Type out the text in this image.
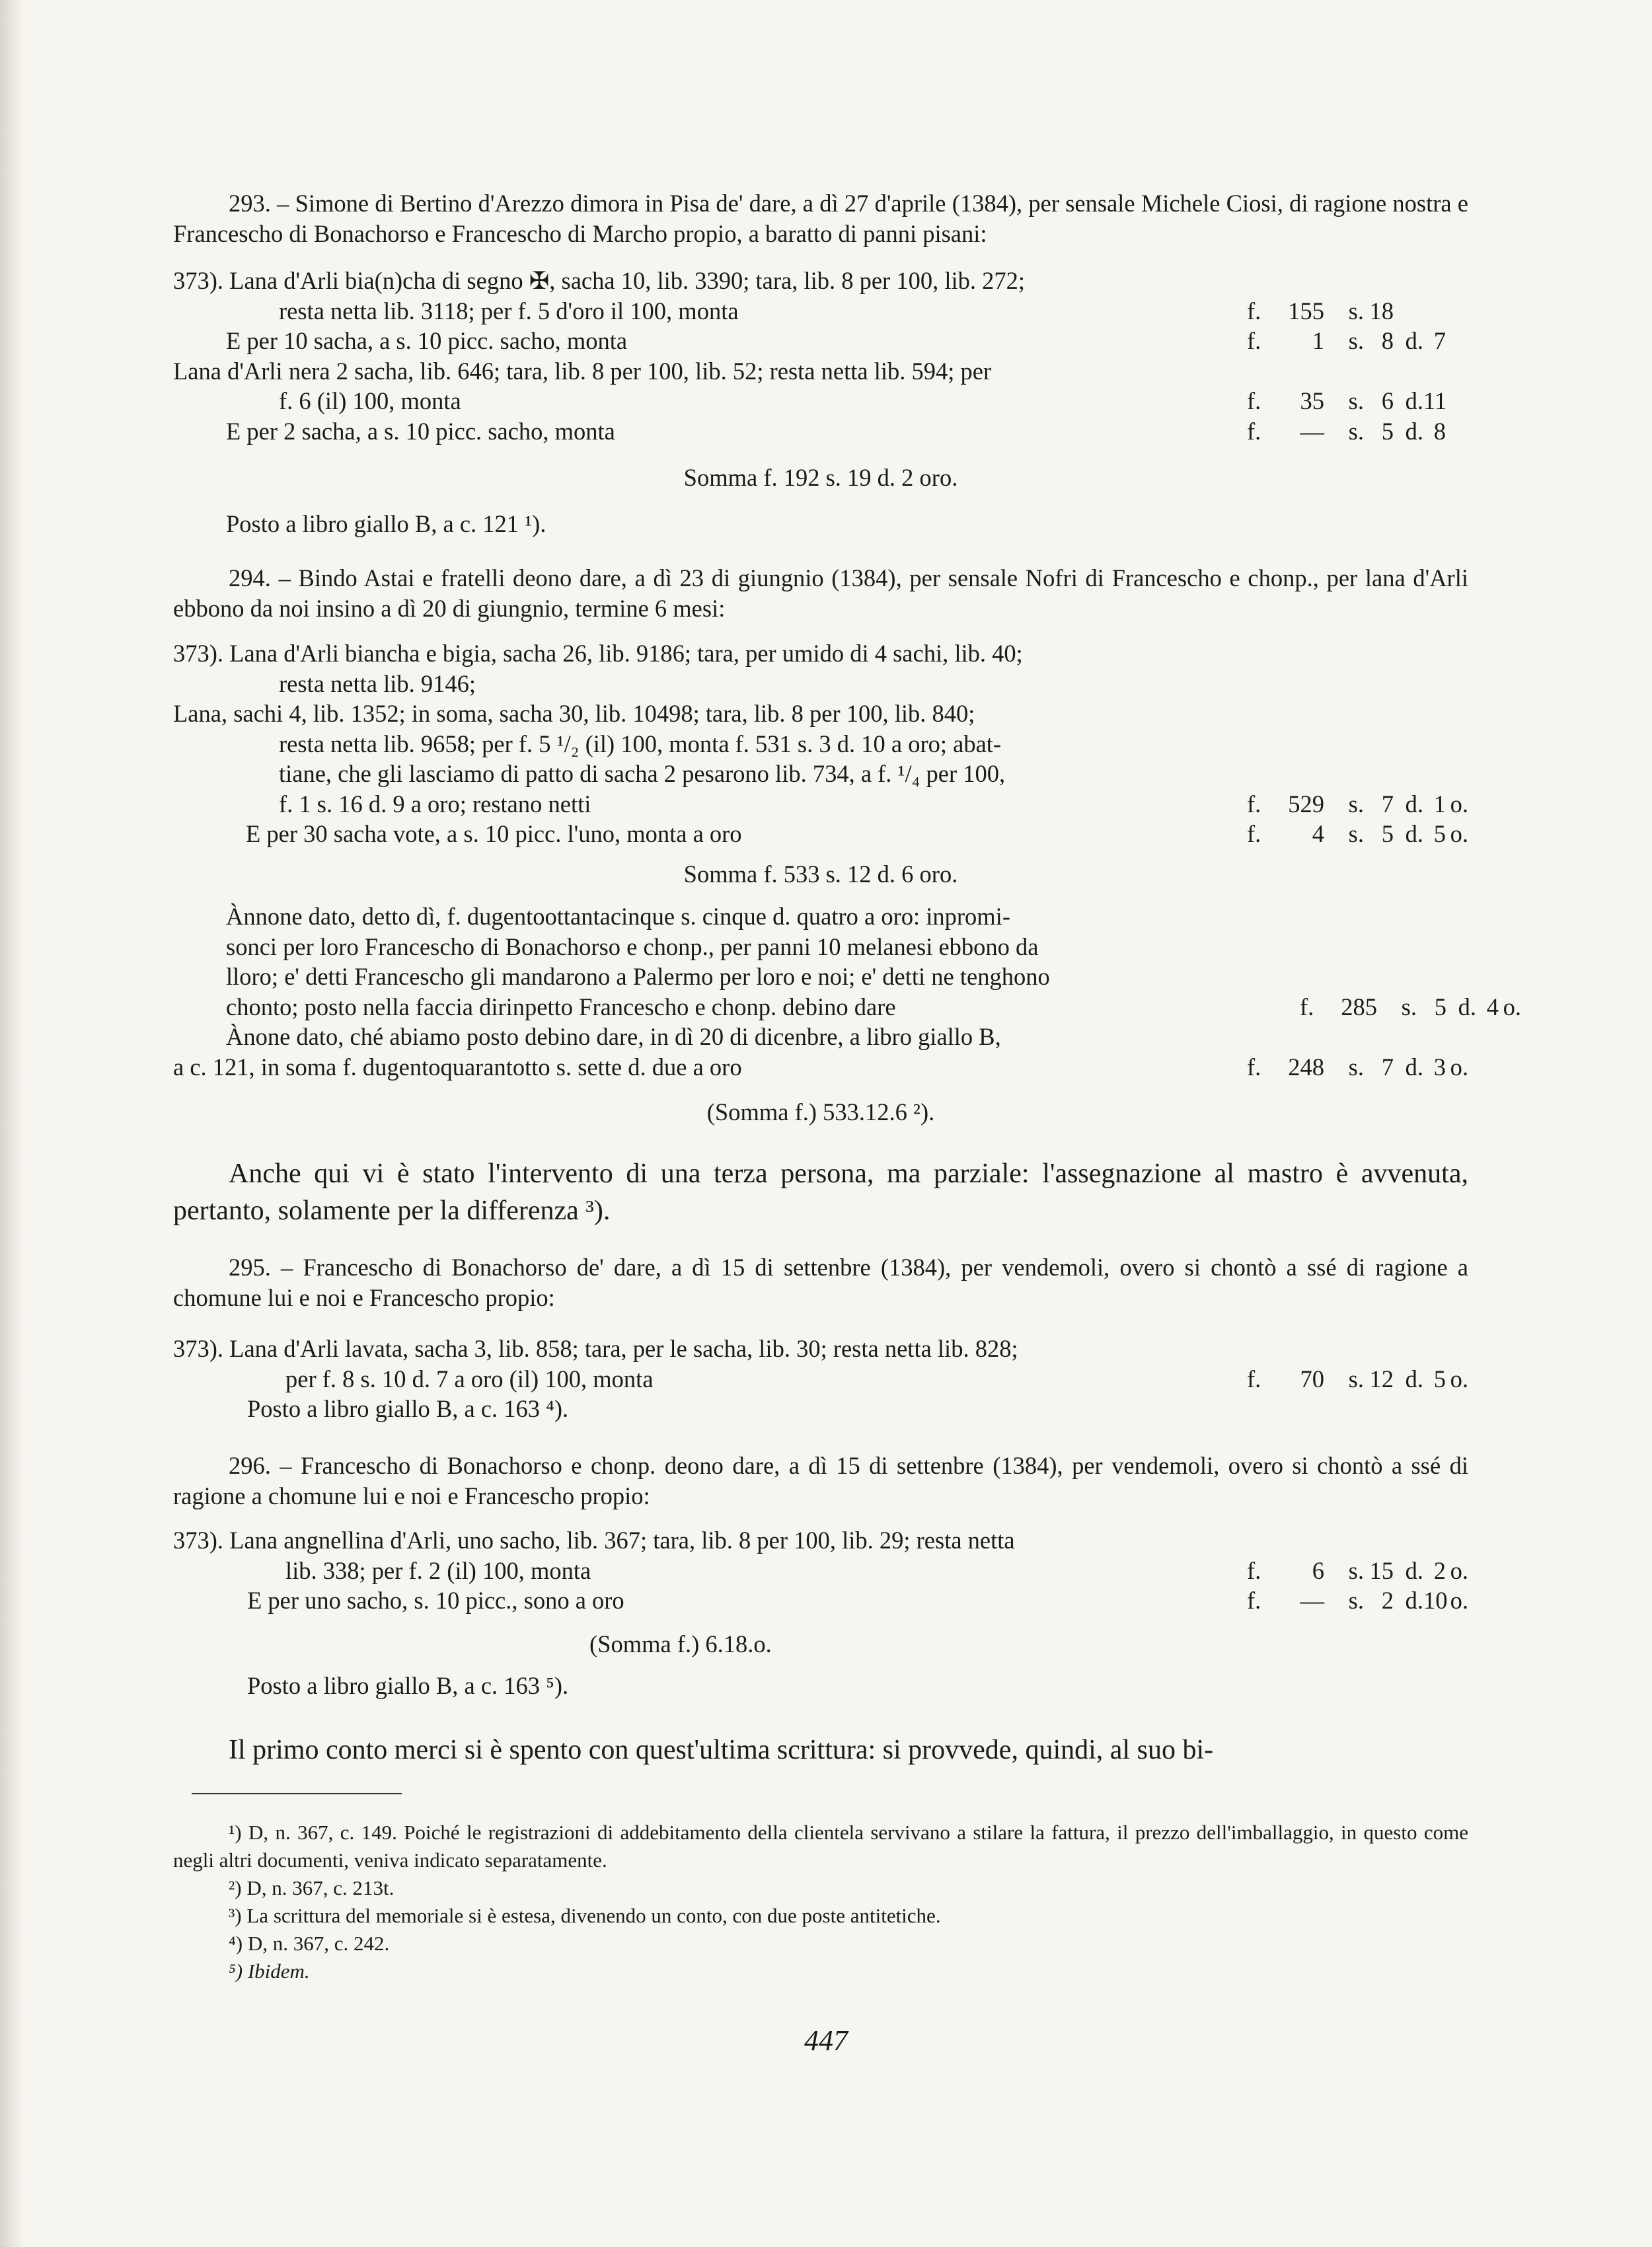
293. – Simone di Bertino d'Arezzo dimora in Pisa de' dare, a dì 27 d'aprile (1384), per sensale Michele Ciosi, di ragione nostra e Franceschо di Bonachorso e Francescho di Marcho propio, a baratto di panni pisani:

373). Lana d'Arli bia(n)cha di segno ✠, sacha 10, lib. 3390; tara, lib. 8 per 100, lib. 272;
resta netta lib. 3118; per f. 5 d'oro il 100, monta	f.	155	s. 18
E per 10 sacha, a s. 10 picc. sacho, monta	f.	1	s. 8 d. 7
Lana d'Arli nera 2 sacha, lib. 646; tara, lib. 8 per 100, lib. 52; resta netta lib. 594; per
f. 6 (il) 100, monta	f.	35	s. 6 d. 11
E per 2 sacha, a s. 10 picc. sacho, monta	f.	—	s. 5 d. 8
Somma f. 192 s. 19 d. 2 oro.
Posto a libro giallo B, a c. 121 ¹).

294. – Bindo Astai e fratelli deono dare, a dì 23 di giungnio (1384), per sensale Nofri di Francescho e chonp., per lana d'Arli ebbono da noi insino a dì 20 di giungnio, termine 6 mesi:

373). Lana d'Arli biancha e bigia, sacha 26, lib. 9186; tara, per umido di 4 sachi, lib. 40;
resta netta lib. 9146;
Lana, sachi 4, lib. 1352; in soma, sacha 30, lib. 10498; tara, lib. 8 per 100, lib. 840;
resta netta lib. 9658; per f. 5 ¹/₂ (il) 100, monta f. 531 s. 3 d. 10 a oro; abat-
tiane, che gli lasciamo di patto di sacha 2 pesarono lib. 734, a f. ¹/₄ per 100,
f. 1 s. 16 d. 9 a oro; restano netti	f.	529	s. 7 d. 1 o.
E per 30 sacha vote, a s. 10 picc. l'uno, monta a oro	f.	4	s. 5 d. 5 o.
Somma f. 533 s. 12 d. 6 oro.
Ànnone dato, detto dì, f. dugentoottantacinque s. cinque d. quatro a oro: inpromi-
sonci per loro Francescho di Bonachorso e chonp., per panni 10 melanesi ebbono da
lloro; e' detti Francescho gli mandarono a Palermo per loro e noi; e' detti ne tenghono
chonto; posto nella faccia dirinpetto Francescho e chonp. debino dare	f.	285	s. 5 d. 4 o.
Ànone dato, ché abiamo posto debino dare, in dì 20 di dicenbre, a libro giallo B,
a c. 121, in soma f. dugentoquarantotto s. sette d. due a oro	f.	248	s. 7 d. 3 o.
(Somma f.) 533.12.6 ²).

Anche qui vi è stato l'intervento di una terza persona, ma parziale: l'assegnazione al mastro è avvenuta, pertanto, solamente per la differenza ³).

295. – Francescho di Bonachorso de' dare, a dì 15 di settenbre (1384), per vendemoli, overo si chontò a ssé di ragione a chomune lui e noi e Francescho propio:

373). Lana d'Arli lavata, sacha 3, lib. 858; tara, per le sacha, lib. 30; resta netta lib. 828;
per f. 8 s. 10 d. 7 a oro (il) 100, monta	f.	70	s. 12 d. 5 o.
Posto a libro giallo B, a c. 163 ⁴).

296. – Francescho di Bonachorso e chonp. deono dare, a dì 15 di settenbre (1384), per vendemoli, overo si chontò a ssé di ragione a chomune lui e noi e Francescho propio:

373). Lana angnellina d'Arli, uno sacho, lib. 367; tara, lib. 8 per 100, lib. 29; resta netta
lib. 338; per f. 2 (il) 100, monta	f.	6	s. 15 d. 2 o.
E per uno sacho, s. 10 picc., sono a oro	f.	—	s. 2 d. 10 o.
(Somma f.) 6.18.o.
Posto a libro giallo B, a c. 163 ⁵).

Il primo conto merci si è spento con quest'ultima scrittura: si provvede, quindi, al suo bi-

¹) D, n. 367, c. 149. Poiché le registrazioni di addebitamento della clientela servivano a stilare la fattura, il prezzo dell'imballaggio, in questo come negli altri documenti, veniva indicato separatamente.

²) D, n. 367, c. 213t.
³) La scrittura del memoriale si è estesa, divenendo un conto, con due poste antitetiche.
⁴) D, n. 367, c. 242.
⁵) Ibidem.
447
